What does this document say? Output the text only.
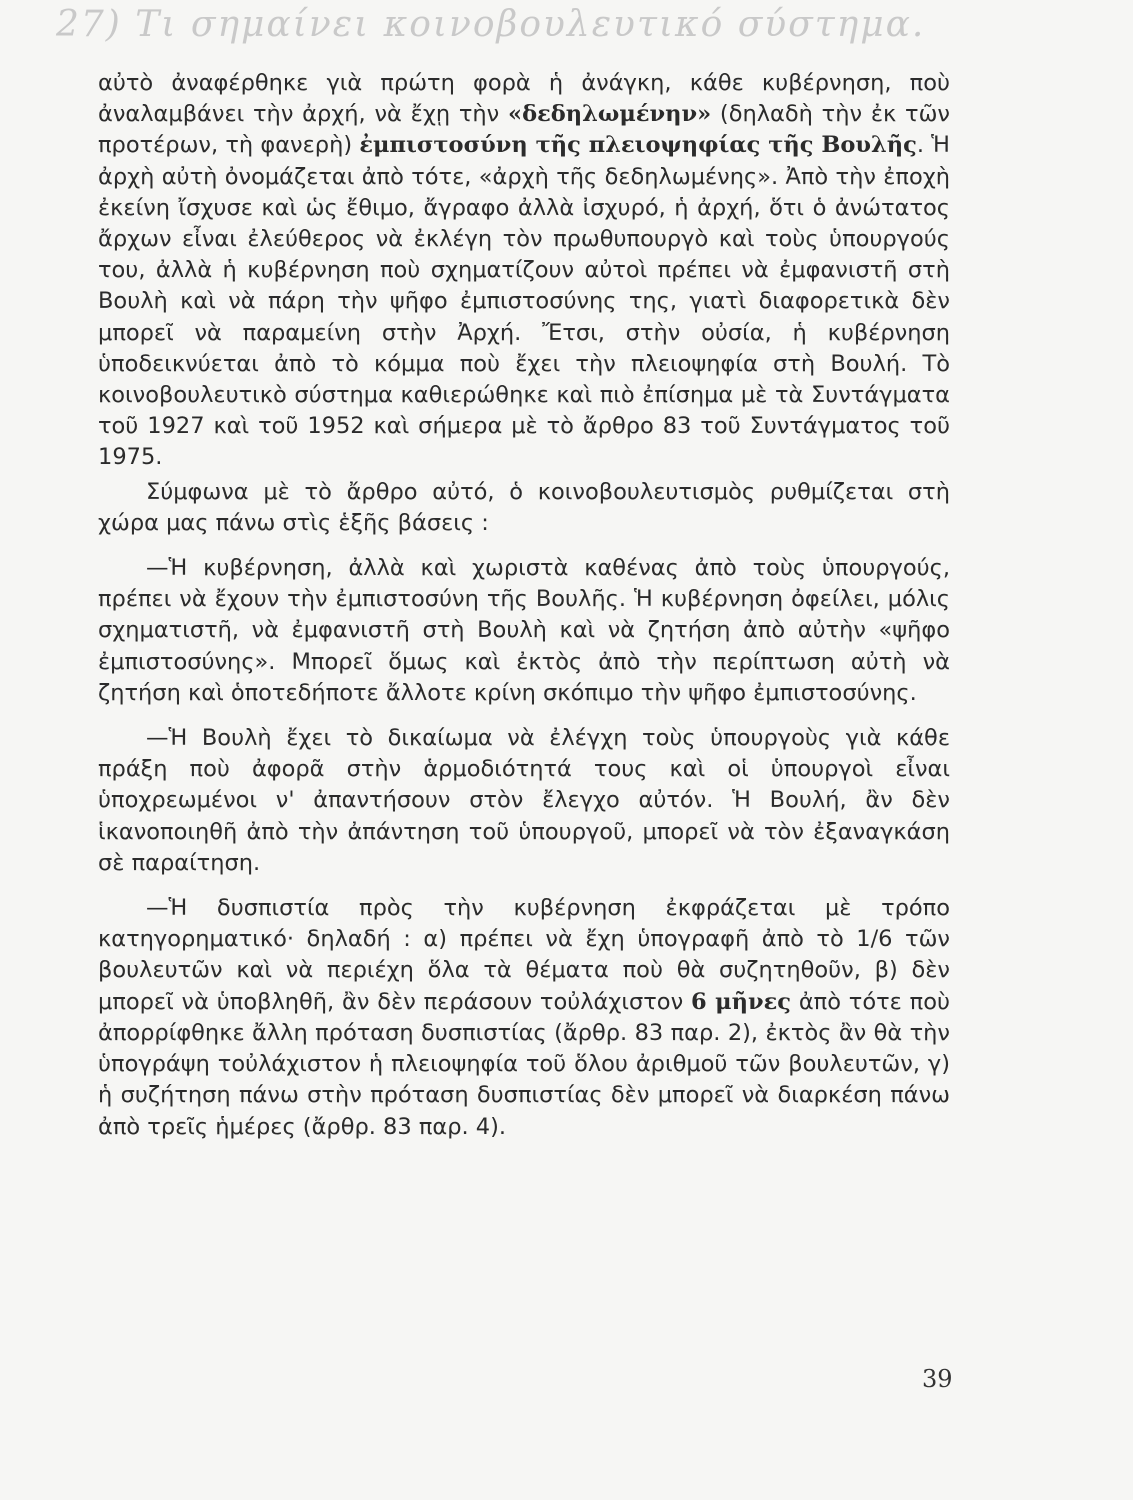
27) Τι σημαίνει κοινοβουλευτικό σύστημα.

αὐτὸ ἀναφέρθηκε γιὰ πρώτη φορὰ ἡ ἀνάγκη, κάθε κυβέρνηση, ποὺ ἀναλαμβάνει τὴν ἀρχή, νὰ ἔχῃ τὴν «δεδηλωμένην» (δηλαδὴ τὴν ἐκ τῶν προτέρων, τὴ φανερὴ) ἐμπιστοσύνη τῆς πλειοψηφίας τῆς Βουλῆς. Ἡ ἀρχὴ αὐτὴ ὀνομάζεται ἀπὸ τότε, «ἀρχὴ τῆς δεδηλωμένης». Ἀπὸ τὴν ἐποχὴ ἐκείνη ἴσχυσε καὶ ὡς ἔθιμο, ἄγραφο ἀλλὰ ἰσχυρό, ἡ ἀρχή, ὅτι ὁ ἀνώτατος ἄρχων εἶναι ἐλεύθερος νὰ ἐκλέγη τὸν πρωθυπουργὸ καὶ τοὺς ὑπουργούς του, ἀλλὰ ἡ κυβέρνηση ποὺ σχηματίζουν αὐτοὶ πρέπει νὰ ἐμφανιστῆ στὴ Βουλὴ καὶ νὰ πάρη τὴν ψῆφο ἐμπιστοσύνης της, γιατὶ διαφορετικὰ δὲν μπορεῖ νὰ παραμείνη στὴν Ἀρχή. Ἔτσι, στὴν οὐσία, ἡ κυβέρνηση ὑποδεικνύεται ἀπὸ τὸ κόμμα ποὺ ἔχει τὴν πλειοψηφία στὴ Βουλή. Τὸ κοινοβουλευτικὸ σύστημα καθιερώθηκε καὶ πιὸ ἐπίσημα μὲ τὰ Συντάγματα τοῦ 1927 καὶ τοῦ 1952 καὶ σήμερα μὲ τὸ ἄρθρο 83 τοῦ Συντάγματος τοῦ 1975.

Σύμφωνα μὲ τὸ ἄρθρο αὐτό, ὁ κοινοβουλευτισμὸς ρυθμίζεται στὴ χώρα μας πάνω στὶς ἑξῆς βάσεις :

—Ἡ κυβέρνηση, ἀλλὰ καὶ χωριστὰ καθένας ἀπὸ τοὺς ὑπουργούς, πρέπει νὰ ἔχουν τὴν ἐμπιστοσύνη τῆς Βουλῆς. Ἡ κυβέρνηση ὀφείλει, μόλις σχηματιστῆ, νὰ ἐμφανιστῆ στὴ Βουλὴ καὶ νὰ ζητήση ἀπὸ αὐτὴν «ψῆφο ἐμπιστοσύνης». Μπορεῖ ὅμως καὶ ἐκτὸς ἀπὸ τὴν περίπτωση αὐτὴ νὰ ζητήση καὶ ὁποτεδήποτε ἄλλοτε κρίνη σκόπιμο τὴν ψῆφο ἐμπιστοσύνης.

—Ἡ Βουλὴ ἔχει τὸ δικαίωμα νὰ ἐλέγχη τοὺς ὑπουργοὺς γιὰ κάθε πράξη ποὺ ἀφορᾶ στὴν ἁρμοδιότητά τους καὶ οἱ ὑπουργοὶ εἶναι ὑποχρεωμένοι ν' ἀπαντήσουν στὸν ἔλεγχο αὐτόν. Ἡ Βουλή, ἂν δὲν ἱκανοποιηθῆ ἀπὸ τὴν ἀπάντηση τοῦ ὑπουργοῦ, μπορεῖ νὰ τὸν ἐξαναγκάση σὲ παραίτηση.

—Ἡ δυσπιστία πρὸς τὴν κυβέρνηση ἐκφράζεται μὲ τρόπο κατηγορηματικό· δηλαδή : α) πρέπει νὰ ἔχη ὑπογραφῆ ἀπὸ τὸ 1/6 τῶν βουλευτῶν καὶ νὰ περιέχη ὅλα τὰ θέματα ποὺ θὰ συζητηθοῦν, β) δὲν μπορεῖ νὰ ὑποβληθῆ, ἂν δὲν περάσουν τοὐλάχιστον 6 μῆνες ἀπὸ τότε ποὺ ἀπορρίφθηκε ἄλλη πρόταση δυσπιστίας (ἄρθρ. 83 παρ. 2), ἐκτὸς ἂν θὰ τὴν ὑπογράψη τοὐλάχιστον ἡ πλειοψηφία τοῦ ὅλου ἀριθμοῦ τῶν βουλευτῶν, γ) ἡ συζήτηση πάνω στὴν πρόταση δυσπιστίας δὲν μπορεῖ νὰ διαρκέση πάνω ἀπὸ τρεῖς ἡμέρες (ἄρθρ. 83 παρ. 4).

39
